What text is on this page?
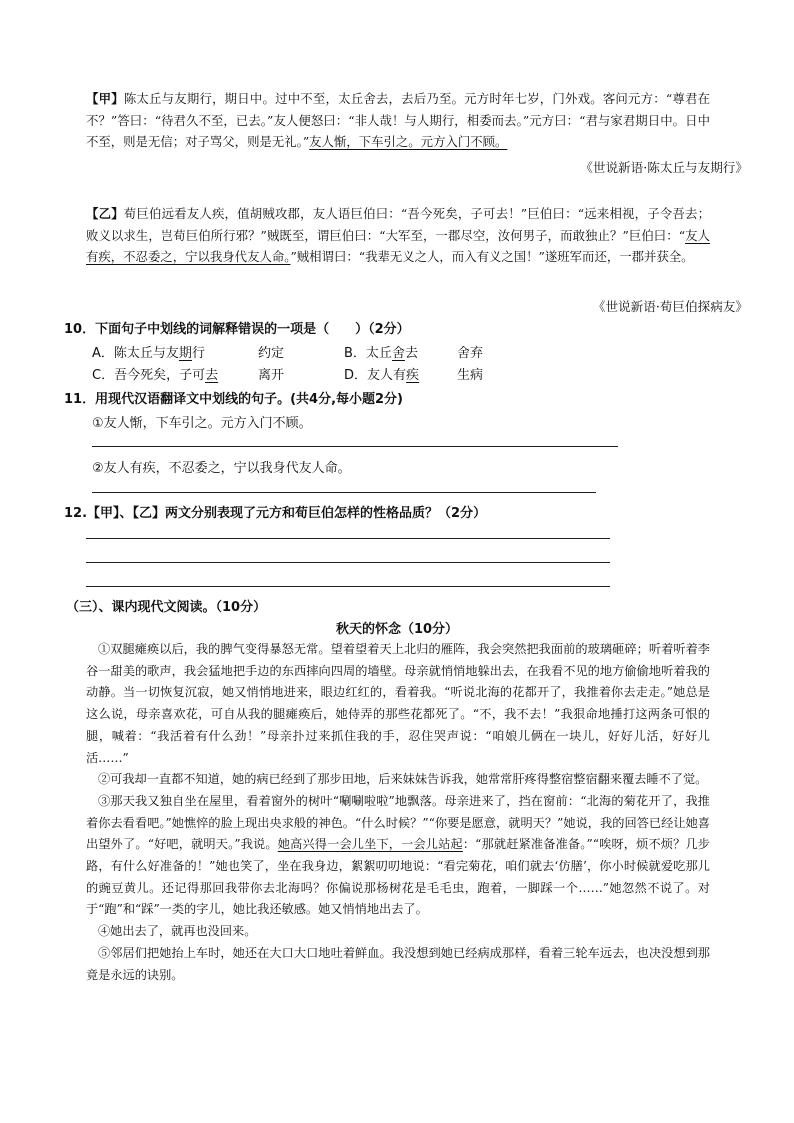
【甲】陈太丘与友期行，期日中。过中不至，太丘舍去，去后乃至。元方时年七岁，门外戏。客问元方：“尊君在不？”答曰：“待君久不至，已去。”友人便怒曰：“非人哉！与人期行，相委而去。”元方曰：“君与家君期日中。日中不至，则是无信；对子骂父，则是无礼。”友人惭，下车引之。元方入门不顾。
《世说新语·陈太丘与友期行》
【乙】荀巨伯远看友人疾，值胡贼攻郡，友人语巨伯曰：“吾今死矣，子可去！”巨伯曰：“远来相视，子令吾去；败义以求生，岂荀巨伯所行邪？”贼既至，谓巨伯曰：“大军至，一郡尽空，汝何男子，而敢独止？”巨伯曰：“友人有疾，不忍委之，宁以我身代友人命。”贼相谓曰：“我辈无义之人，而入有义之国！”遂班军而还，一郡并获全。
《世说新语·荀巨伯探病友》
10．下面句子中划线的词解释错误的一项是（　　）（2分）
A．陈太丘与友期行	约定	B．太丘舍去	舍弃
C．吾今死矣，子可去	离开	D．友人有疾	生病
11．用现代汉语翻译文中划线的句子。(共4分,每小题2分)
①友人惭，下车引之。元方入门不顾。
②友人有疾，不忍委之，宁以我身代友人命。
12.【甲】、【乙】两文分别表现了元方和荀巨伯怎样的性格品质？（2分）
（三）、课内现代文阅读。（10分）
秋天的怀念（10分）

①双腿瘫痪以后，我的脾气变得暴怒无常。望着望着天上北归的雁阵，我会突然把我面前的玻璃砸碎；听着听着李谷一甜美的歌声，我会猛地把手边的东西摔向四周的墙壁。母亲就悄悄地躲出去，在我看不见的地方偷偷地听着我的动静。当一切恢复沉寂，她又悄悄地进来，眼边红红的，看着我。“听说北海的花都开了，我推着你去走走。”她总是这么说，母亲喜欢花，可自从我的腿瘫痪后，她侍弄的那些花都死了。“不，我不去！”我狠命地捶打这两条可恨的腿，喊着：“我活着有什么劲！”母亲扑过来抓住我的手，忍住哭声说：“咱娘儿俩在一块儿，好好儿活，好好儿活……”

②可我却一直都不知道，她的病已经到了那步田地，后来妹妹告诉我，她常常肝疼得整宿整宿翻来覆去睡不了觉。

③那天我又独自坐在屋里，看着窗外的树叶“唰唰啦啦”地飘落。母亲进来了，挡在窗前：“北海的菊花开了，我推着你去看看吧。”她憔悴的脸上现出央求般的神色。“什么时候？”“你要是愿意，就明天？”她说，我的回答已经让她喜出望外了。“好吧，就明天。”我说。她高兴得一会儿坐下，一会儿站起：“那就赶紧准备准备。”“唉呀，烦不烦？几步路，有什么好准备的！”她也笑了，坐在我身边，絮絮叨叨地说：“看完菊花，咱们就去‘仿膳’，你小时候就爱吃那儿的豌豆黄儿。还记得那回我带你去北海吗？你偏说那杨树花是毛毛虫，跑着，一脚踩一个……”她忽然不说了。对于“跑”和“踩”一类的字儿，她比我还敏感。她又悄悄地出去了。

④她出去了，就再也没回来。

⑤邻居们把她抬上车时，她还在大口大口地吐着鲜血。我没想到她已经病成那样，看着三轮车远去，也决没想到那竟是永远的诀别。
